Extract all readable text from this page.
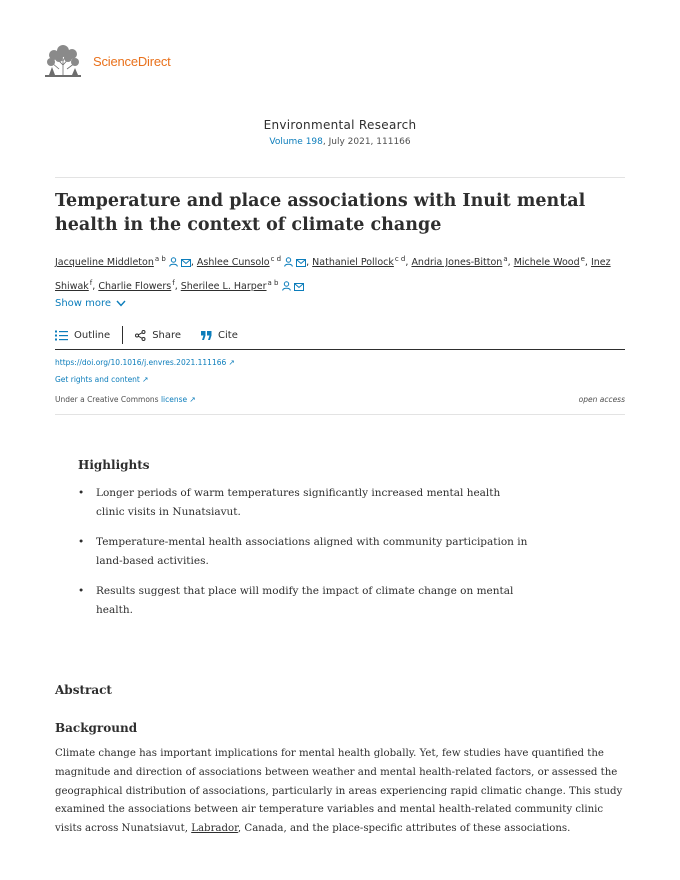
ScienceDirect
Environmental Research
Volume 198, July 2021, 111166
Temperature and place associations with Inuit mental health in the context of climate change
Jacqueline Middleton$^{a b}$	, Ashlee Cunsolo$^{c d}$	, Nathaniel Pollock$^{c d}$, Andria Jones-Bitton$^a$, Michele Wood$^e$, Inez Shiwak$^f$, Charlie Flowers$^f$, Sherilee L. Harper$^{a b}$
Show more
Outline	Share	Cite
https://doi.org/10.1016/j.envres.2021.111166 ↗
Get rights and content ↗
Under a Creative Commons license ↗	open access
Highlights
• Longer periods of warm temperatures significantly increased mental health clinic visits in Nunatsiavut.
• Temperature-mental health associations aligned with community participation in land-based activities.
• Results suggest that place will modify the impact of climate change on mental health.
Abstract
Background

Climate change has important implications for mental health globally. Yet, few studies have quantified the magnitude and direction of associations between weather and mental health-related factors, or assessed the geographical distribution of associations, particularly in areas experiencing rapid climatic change. This study examined the associations between air temperature variables and mental health-related community clinic visits across Nunatsiavut, Labrador, Canada, and the place-specific attributes of these associations.
